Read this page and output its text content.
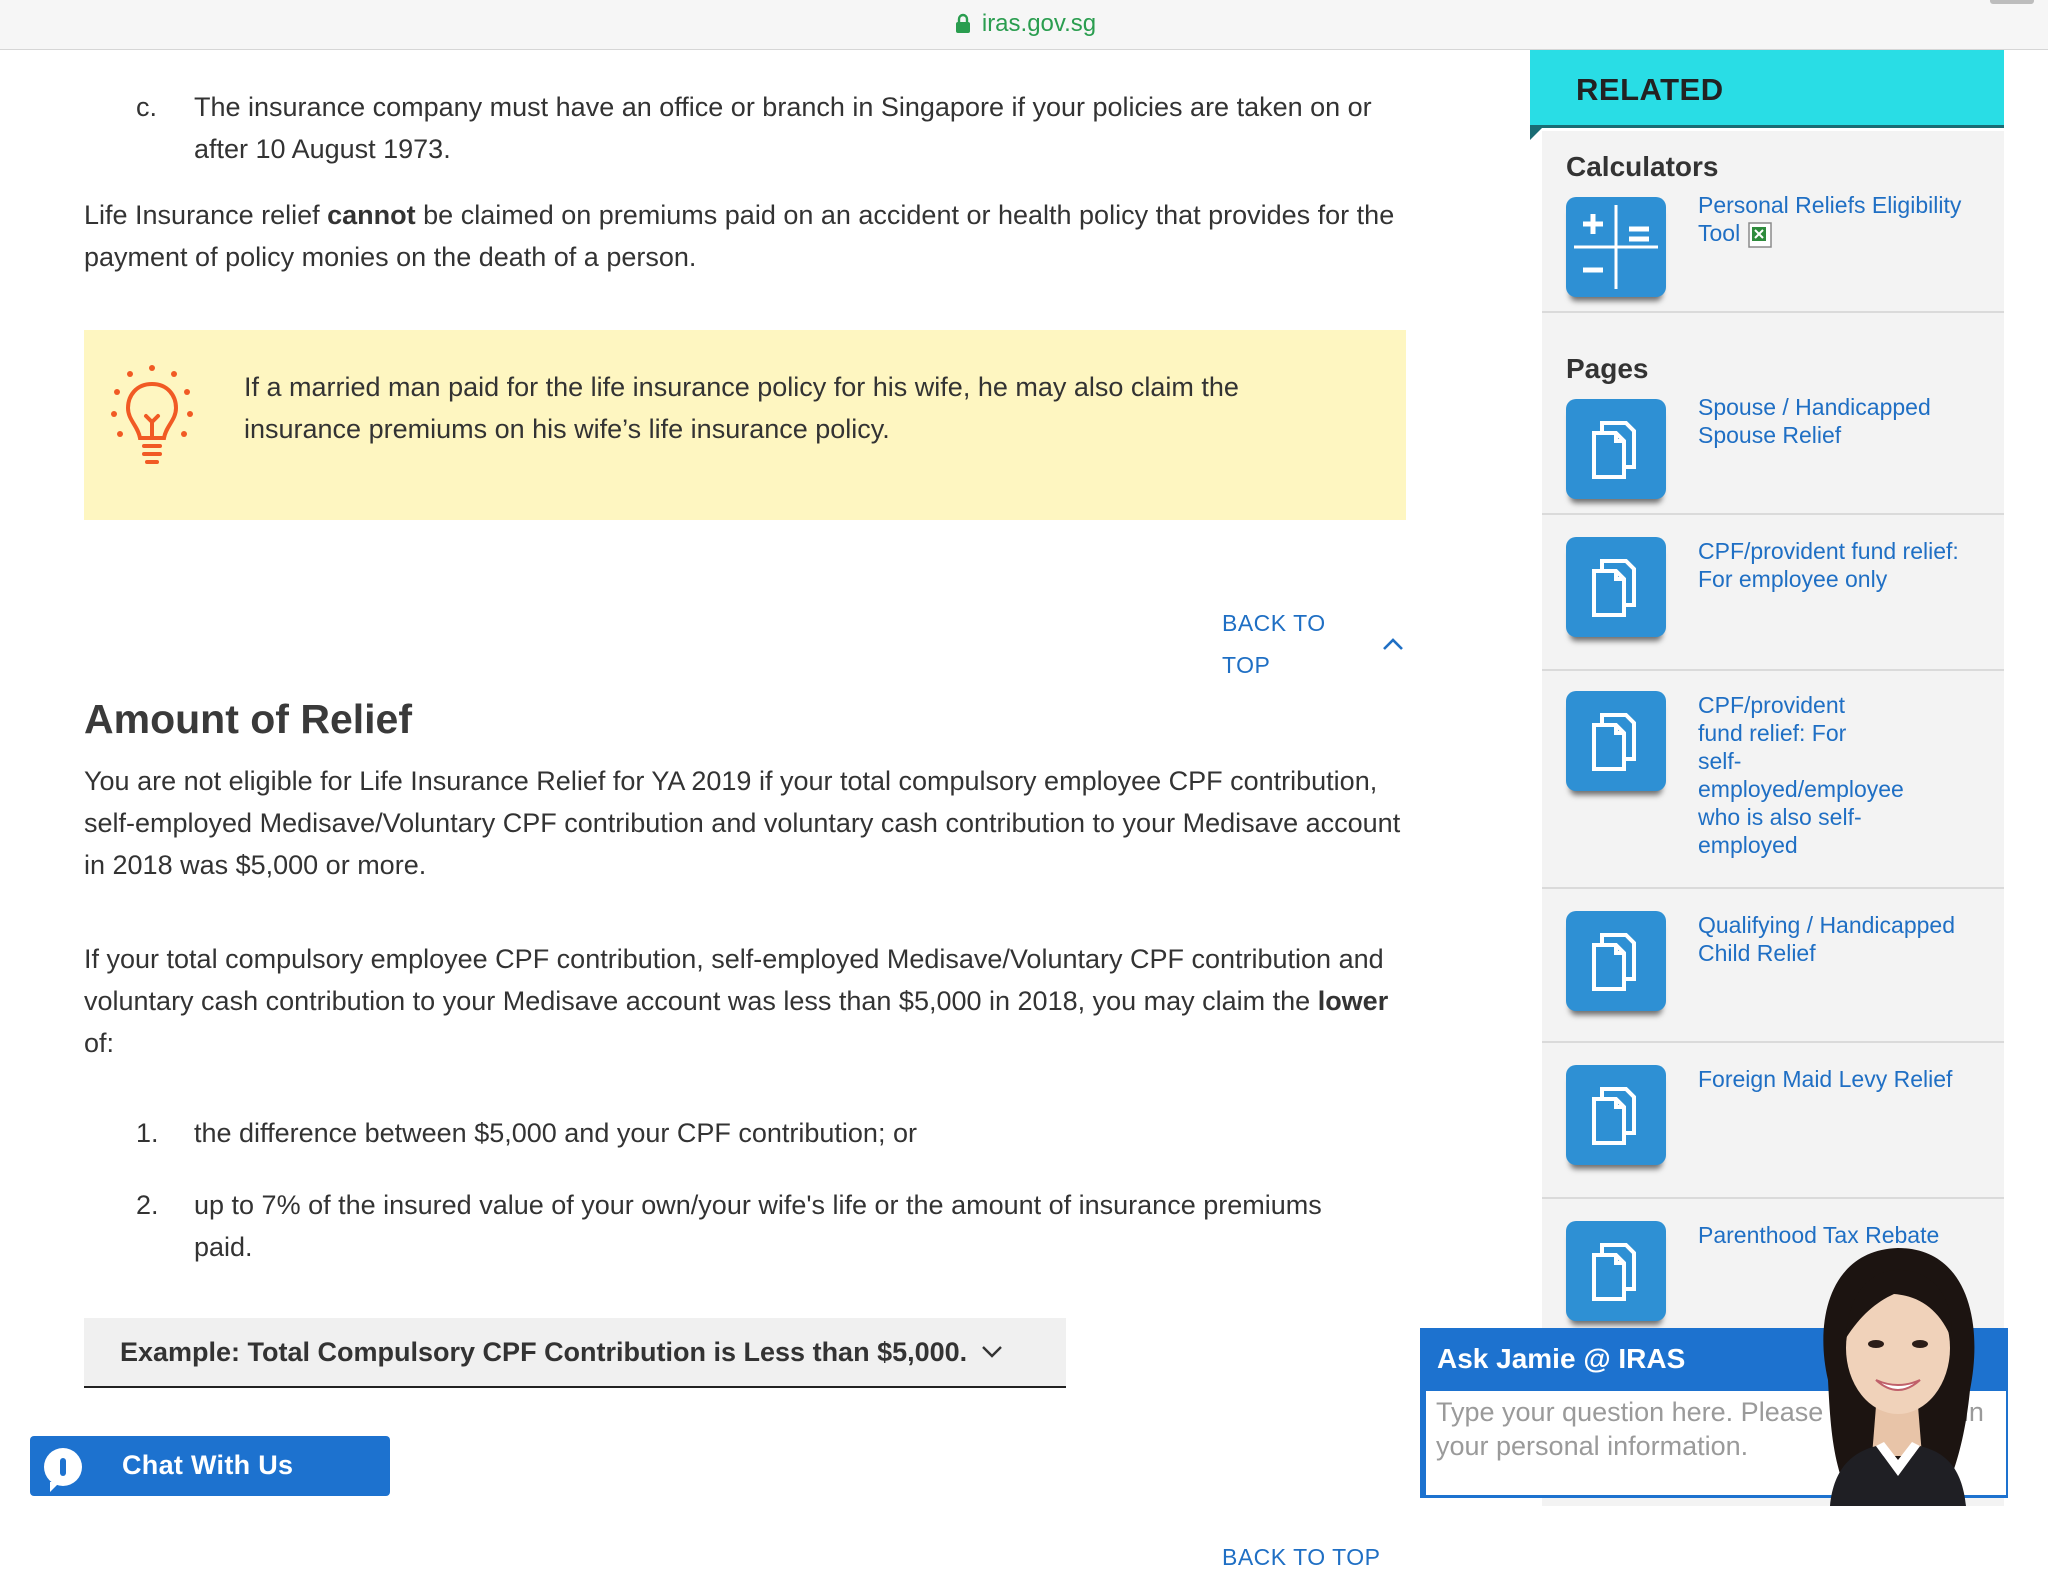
iras.gov.sg
c.	The insurance company must have an office or branch in Singapore if your policies are taken on or after 10 August 1973.

Life Insurance relief cannot be claimed on premiums paid on an accident or health policy that provides for the payment of policy monies on the death of a person.

If a married man paid for the life insurance policy for his wife, he may also claim the insurance premiums on his wife’s life insurance policy.

BACK TO TOP
Amount of Relief

You are not eligible for Life Insurance Relief for YA 2019 if your total compulsory employee CPF contribution, self-employed Medisave/Voluntary CPF contribution and voluntary cash contribution to your Medisave account in 2018 was $5,000 or more.

If your total compulsory employee CPF contribution, self-employed Medisave/Voluntary CPF contribution and voluntary cash contribution to your Medisave account was less than $5,000 in 2018, you may claim the lower of:

1.	the difference between $5,000 and your CPF contribution; or
2.	up to 7% of the insured value of your own/your wife's life or the amount of insurance premiums paid.
Example: Total Compulsory CPF Contribution is Less than $5,000.
BACK TO TOP
RELATED
Calculators
Personal Reliefs Eligibility Tool
Pages
Spouse / Handicapped Spouse Relief
CPF/provident fund relief: For employee only
CPF/provident fund relief: For self-employed/employee who is also self-employed
Qualifying / Handicapped Child Relief
Foreign Maid Levy Relief
Parenthood Tax Rebate
Chat With Us
Ask Jamie @ IRAS
Type your question here. Please do not key in your personal information.
